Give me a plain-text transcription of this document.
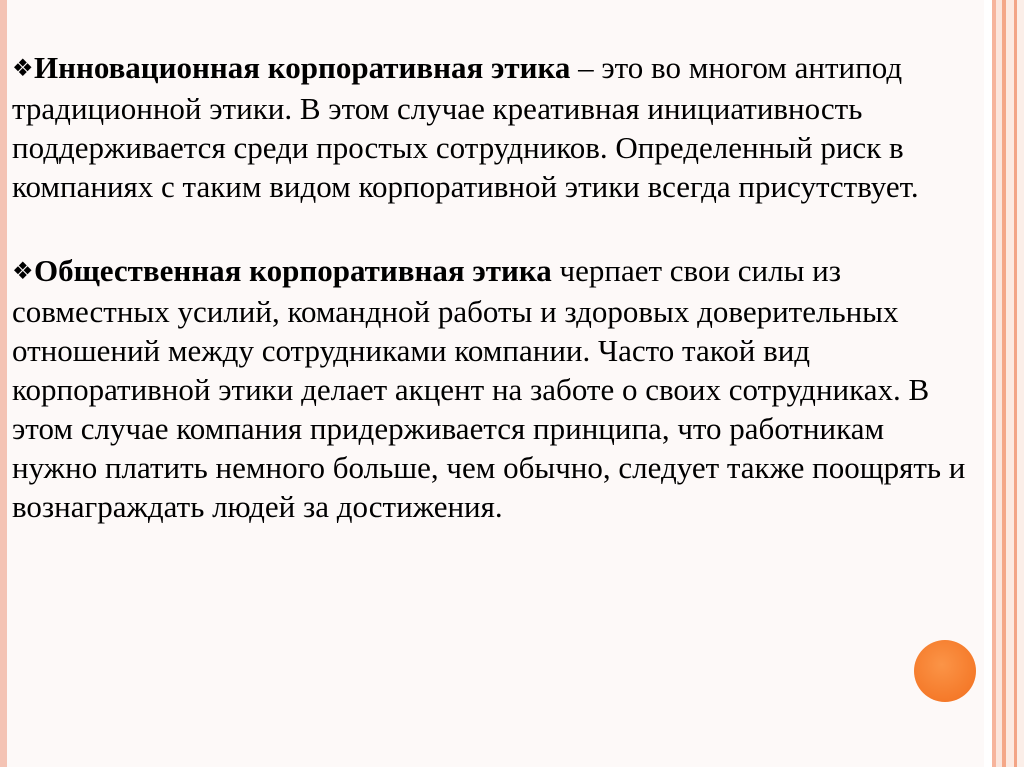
❖Инновационная корпоративная этика – это во многом антипод традиционной этики. В этом случае креативная инициативность поддерживается среди простых сотрудников. Определенный риск в компаниях с таким видом корпоративной этики всегда присутствует.

❖Общественная корпоративная этика черпает свои силы из совместных усилий, командной работы и здоровых доверительных отношений между сотрудниками компании. Часто такой вид корпоративной этики делает акцент на заботе о своих сотрудниках. В этом случае компания придерживается принципа, что работникам нужно платить немного больше, чем обычно, следует также поощрять и вознаграждать людей за достижения.
